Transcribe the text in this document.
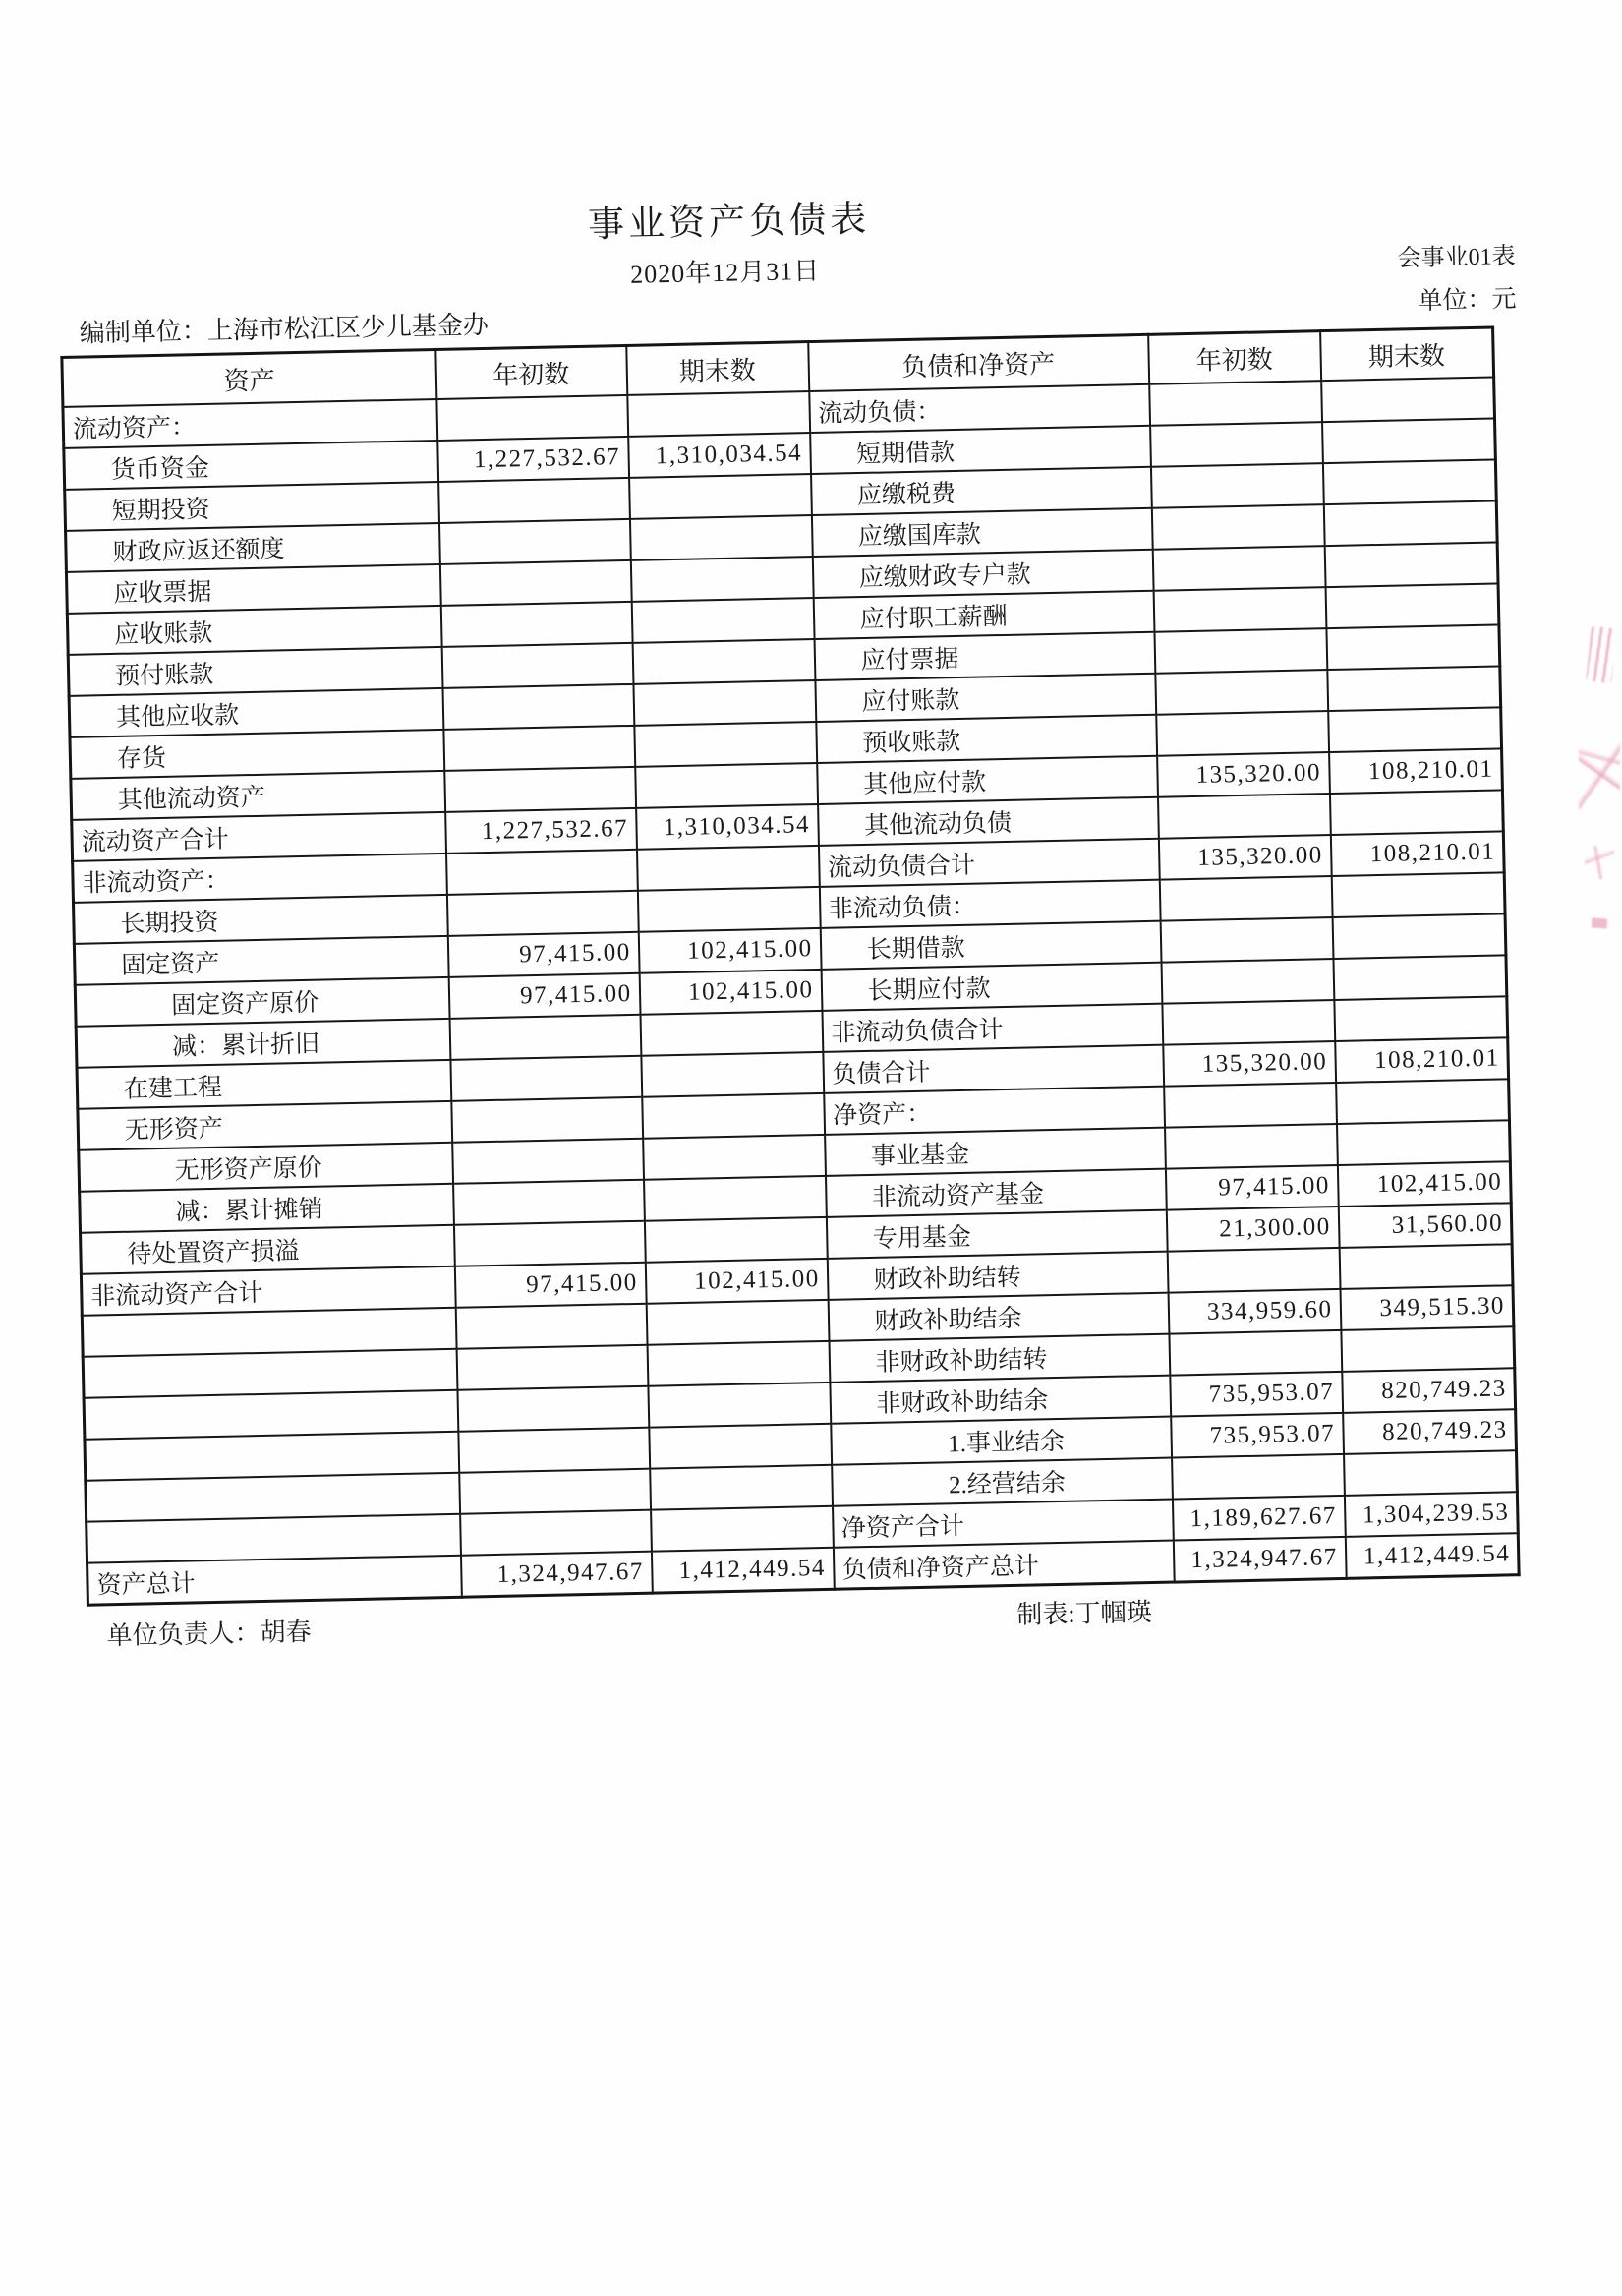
事业资产负债表
2020年12月31日	会事业01表
编制单位：上海市松江区少儿基金办
单位：元
资产	年初数	期末数	负债和净资产	年初数	期末数
流动资产：			流动负债：		
货币资金	1,227,532.67	1,310,034.54	短期借款		
短期投资			应缴税费		
财政应返还额度			应缴国库款		
应收票据			应缴财政专户款		
应收账款			应付职工薪酬		
预付账款			应付票据		
其他应收款			应付账款		
存货			预收账款		
其他流动资产			其他应付款	135,320.00	108,210.01
流动资产合计	1,227,532.67	1,310,034.54	其他流动负债		
非流动资产：			流动负债合计	135,320.00	108,210.01
长期投资			非流动负债：		
固定资产	97,415.00	102,415.00	长期借款		
固定资产原价	97,415.00	102,415.00	长期应付款		
减：累计折旧			非流动负债合计		
在建工程			负债合计	135,320.00	108,210.01
无形资产			净资产：		
无形资产原价			事业基金		
减：累计摊销			非流动资产基金	97,415.00	102,415.00
待处置资产损溢			专用基金	21,300.00	31,560.00
非流动资产合计	97,415.00	102,415.00	财政补助结转		
			财政补助结余	334,959.60	349,515.30
			非财政补助结转		
			非财政补助结余	735,953.07	820,749.23
			1.事业结余	735,953.07	820,749.23
			2.经营结余		
			净资产合计	1,189,627.67	1,304,239.53
资产总计	1,324,947.67	1,412,449.54	负债和净资产总计	1,324,947.67	1,412,449.54
单位负责人：胡春
制表:丁帼瑛
